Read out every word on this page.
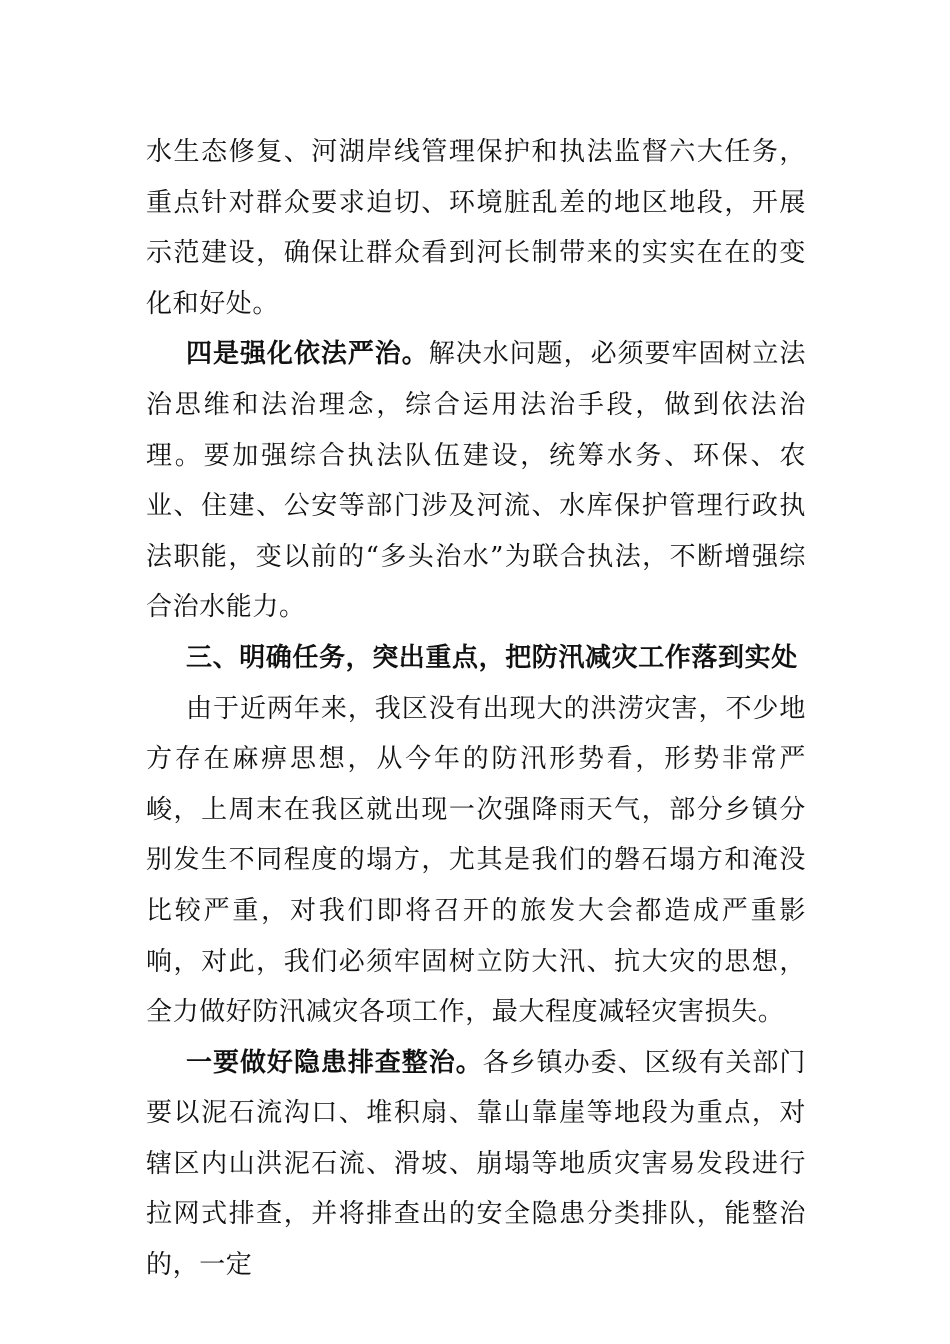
水生态修复、河湖岸线管理保护和执法监督六大任务，重点针对群众要求迫切、环境脏乱差的地区地段，开展示范建设，确保让群众看到河长制带来的实实在在的变化和好处。

四是强化依法严治。解决水问题，必须要牢固树立法治思维和法治理念，综合运用法治手段，做到依法治理。要加强综合执法队伍建设，统筹水务、环保、农业、住建、公安等部门涉及河流、水库保护管理行政执法职能，变以前的“多头治水”为联合执法，不断增强综合治水能力。

三、明确任务，突出重点，把防汛减灾工作落到实处

由于近两年来，我区没有出现大的洪涝灾害，不少地方存在麻痹思想，从今年的防汛形势看，形势非常严峻，上周末在我区就出现一次强降雨天气，部分乡镇分别发生不同程度的塌方，尤其是我们的磐石塌方和淹没比较严重，对我们即将召开的旅发大会都造成严重影响，对此，我们必须牢固树立防大汛、抗大灾的思想，全力做好防汛减灾各项工作，最大程度减轻灾害损失。

一要做好隐患排查整治。各乡镇办委、区级有关部门要以泥石流沟口、堆积扇、靠山靠崖等地段为重点，对辖区内山洪泥石流、滑坡、崩塌等地质灾害易发段进行拉网式排查，并将排查出的安全隐患分类排队，能整治的，一定
